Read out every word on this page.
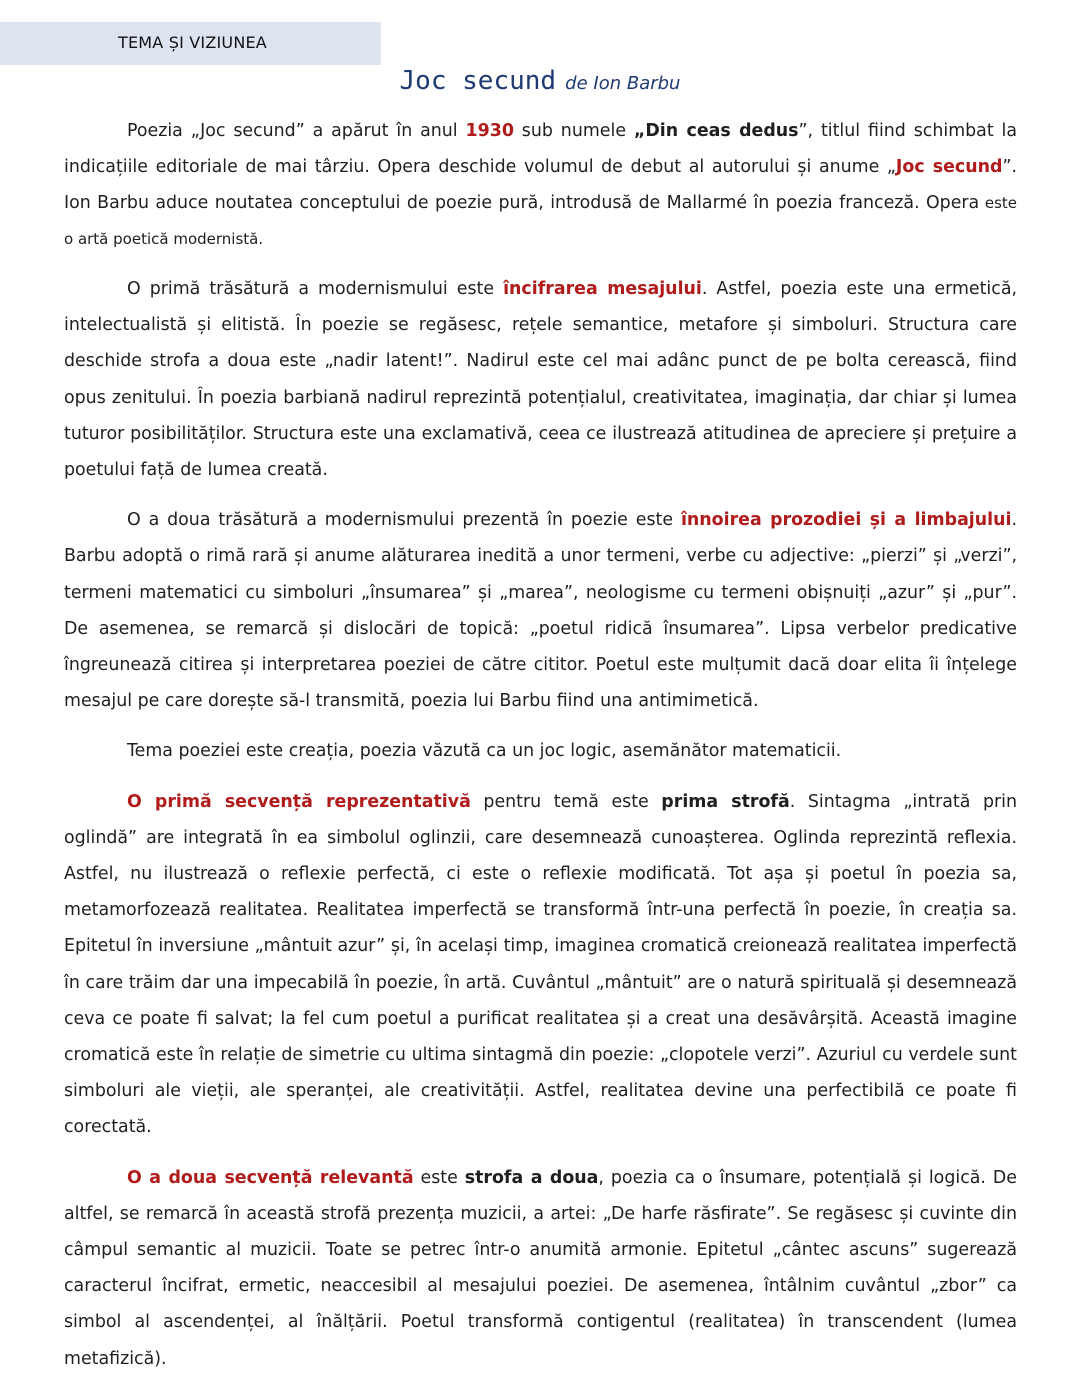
TEMA ȘI VIZIUNEA
Joc secund de Ion Barbu

Poezia „Joc secund” a apărut în anul 1930 sub numele „Din ceas dedus”, titlul fiind schimbat la indicațiile editoriale de mai târziu. Opera deschide volumul de debut al autorului și anume „Joc secund”. Ion Barbu aduce noutatea conceptului de poezie pură, introdusă de Mallarmé în poezia franceză. Opera este o artă poetică modernistă.

O primă trăsătură a modernismului este încifrarea mesajului. Astfel, poezia este una ermetică, intelectualistă și elitistă. În poezie se regăsesc, rețele semantice, metafore și simboluri. Structura care deschide strofa a doua este „nadir latent!”. Nadirul este cel mai adânc punct de pe bolta cerească, fiind opus zenitului. În poezia barbiană nadirul reprezintă potențialul, creativitatea, imaginația, dar chiar și lumea tuturor posibilităților. Structura este una exclamativă, ceea ce ilustrează atitudinea de apreciere și prețuire a poetului față de lumea creată.

O a doua trăsătură a modernismului prezentă în poezie este înnoirea prozodiei și a limbajului. Barbu adoptă o rimă rară și anume alăturarea inedită a unor termeni, verbe cu adjective: „pierzi” și „verzi”, termeni matematici cu simboluri „însumarea” și „marea”, neologisme cu termeni obișnuiți „azur” și „pur”. De asemenea, se remarcă și dislocări de topică: „poetul ridică însumarea”. Lipsa verbelor predicative îngreunează citirea și interpretarea poeziei de către cititor. Poetul este mulțumit dacă doar elita îi înțelege mesajul pe care dorește să-l transmită, poezia lui Barbu fiind una antimimetică.

Tema poeziei este creația, poezia văzută ca un joc logic, asemănător matematicii.

O primă secvență reprezentativă pentru temă este prima strofă. Sintagma „intrată prin oglindă” are integrată în ea simbolul oglinzii, care desemnează cunoașterea. Oglinda reprezintă reflexia. Astfel, nu ilustrează o reflexie perfectă, ci este o reflexie modificată. Tot așa și poetul în poezia sa, metamorfozează realitatea. Realitatea imperfectă se transformă într-una perfectă în poezie, în creația sa. Epitetul în inversiune „mântuit azur” și, în același timp, imaginea cromatică creionează realitatea imperfectă în care trăim dar una impecabilă în poezie, în artă. Cuvântul „mântuit” are o natură spirituală și desemnează ceva ce poate fi salvat; la fel cum poetul a purificat realitatea și a creat una desăvârșită. Această imagine cromatică este în relație de simetrie cu ultima sintagmă din poezie: „clopotele verzi”. Azuriul cu verdele sunt simboluri ale vieții, ale speranței, ale creativității. Astfel, realitatea devine una perfectibilă ce poate fi corectată.

O a doua secvență relevantă este strofa a doua, poezia ca o însumare, potențială și logică. De altfel, se remarcă în această strofă prezența muzicii, a artei: „De harfe răsfirate”. Se regăsesc și cuvinte din câmpul semantic al muzicii. Toate se petrec într-o anumită armonie. Epitetul „cântec ascuns” sugerează caracterul încifrat, ermetic, neaccesibil al mesajului poeziei. De asemenea, întâlnim cuvântul „zbor” ca simbol al ascendenței, al înălțării. Poetul transformă contigentul (realitatea) în transcendent (lumea metafizică).
